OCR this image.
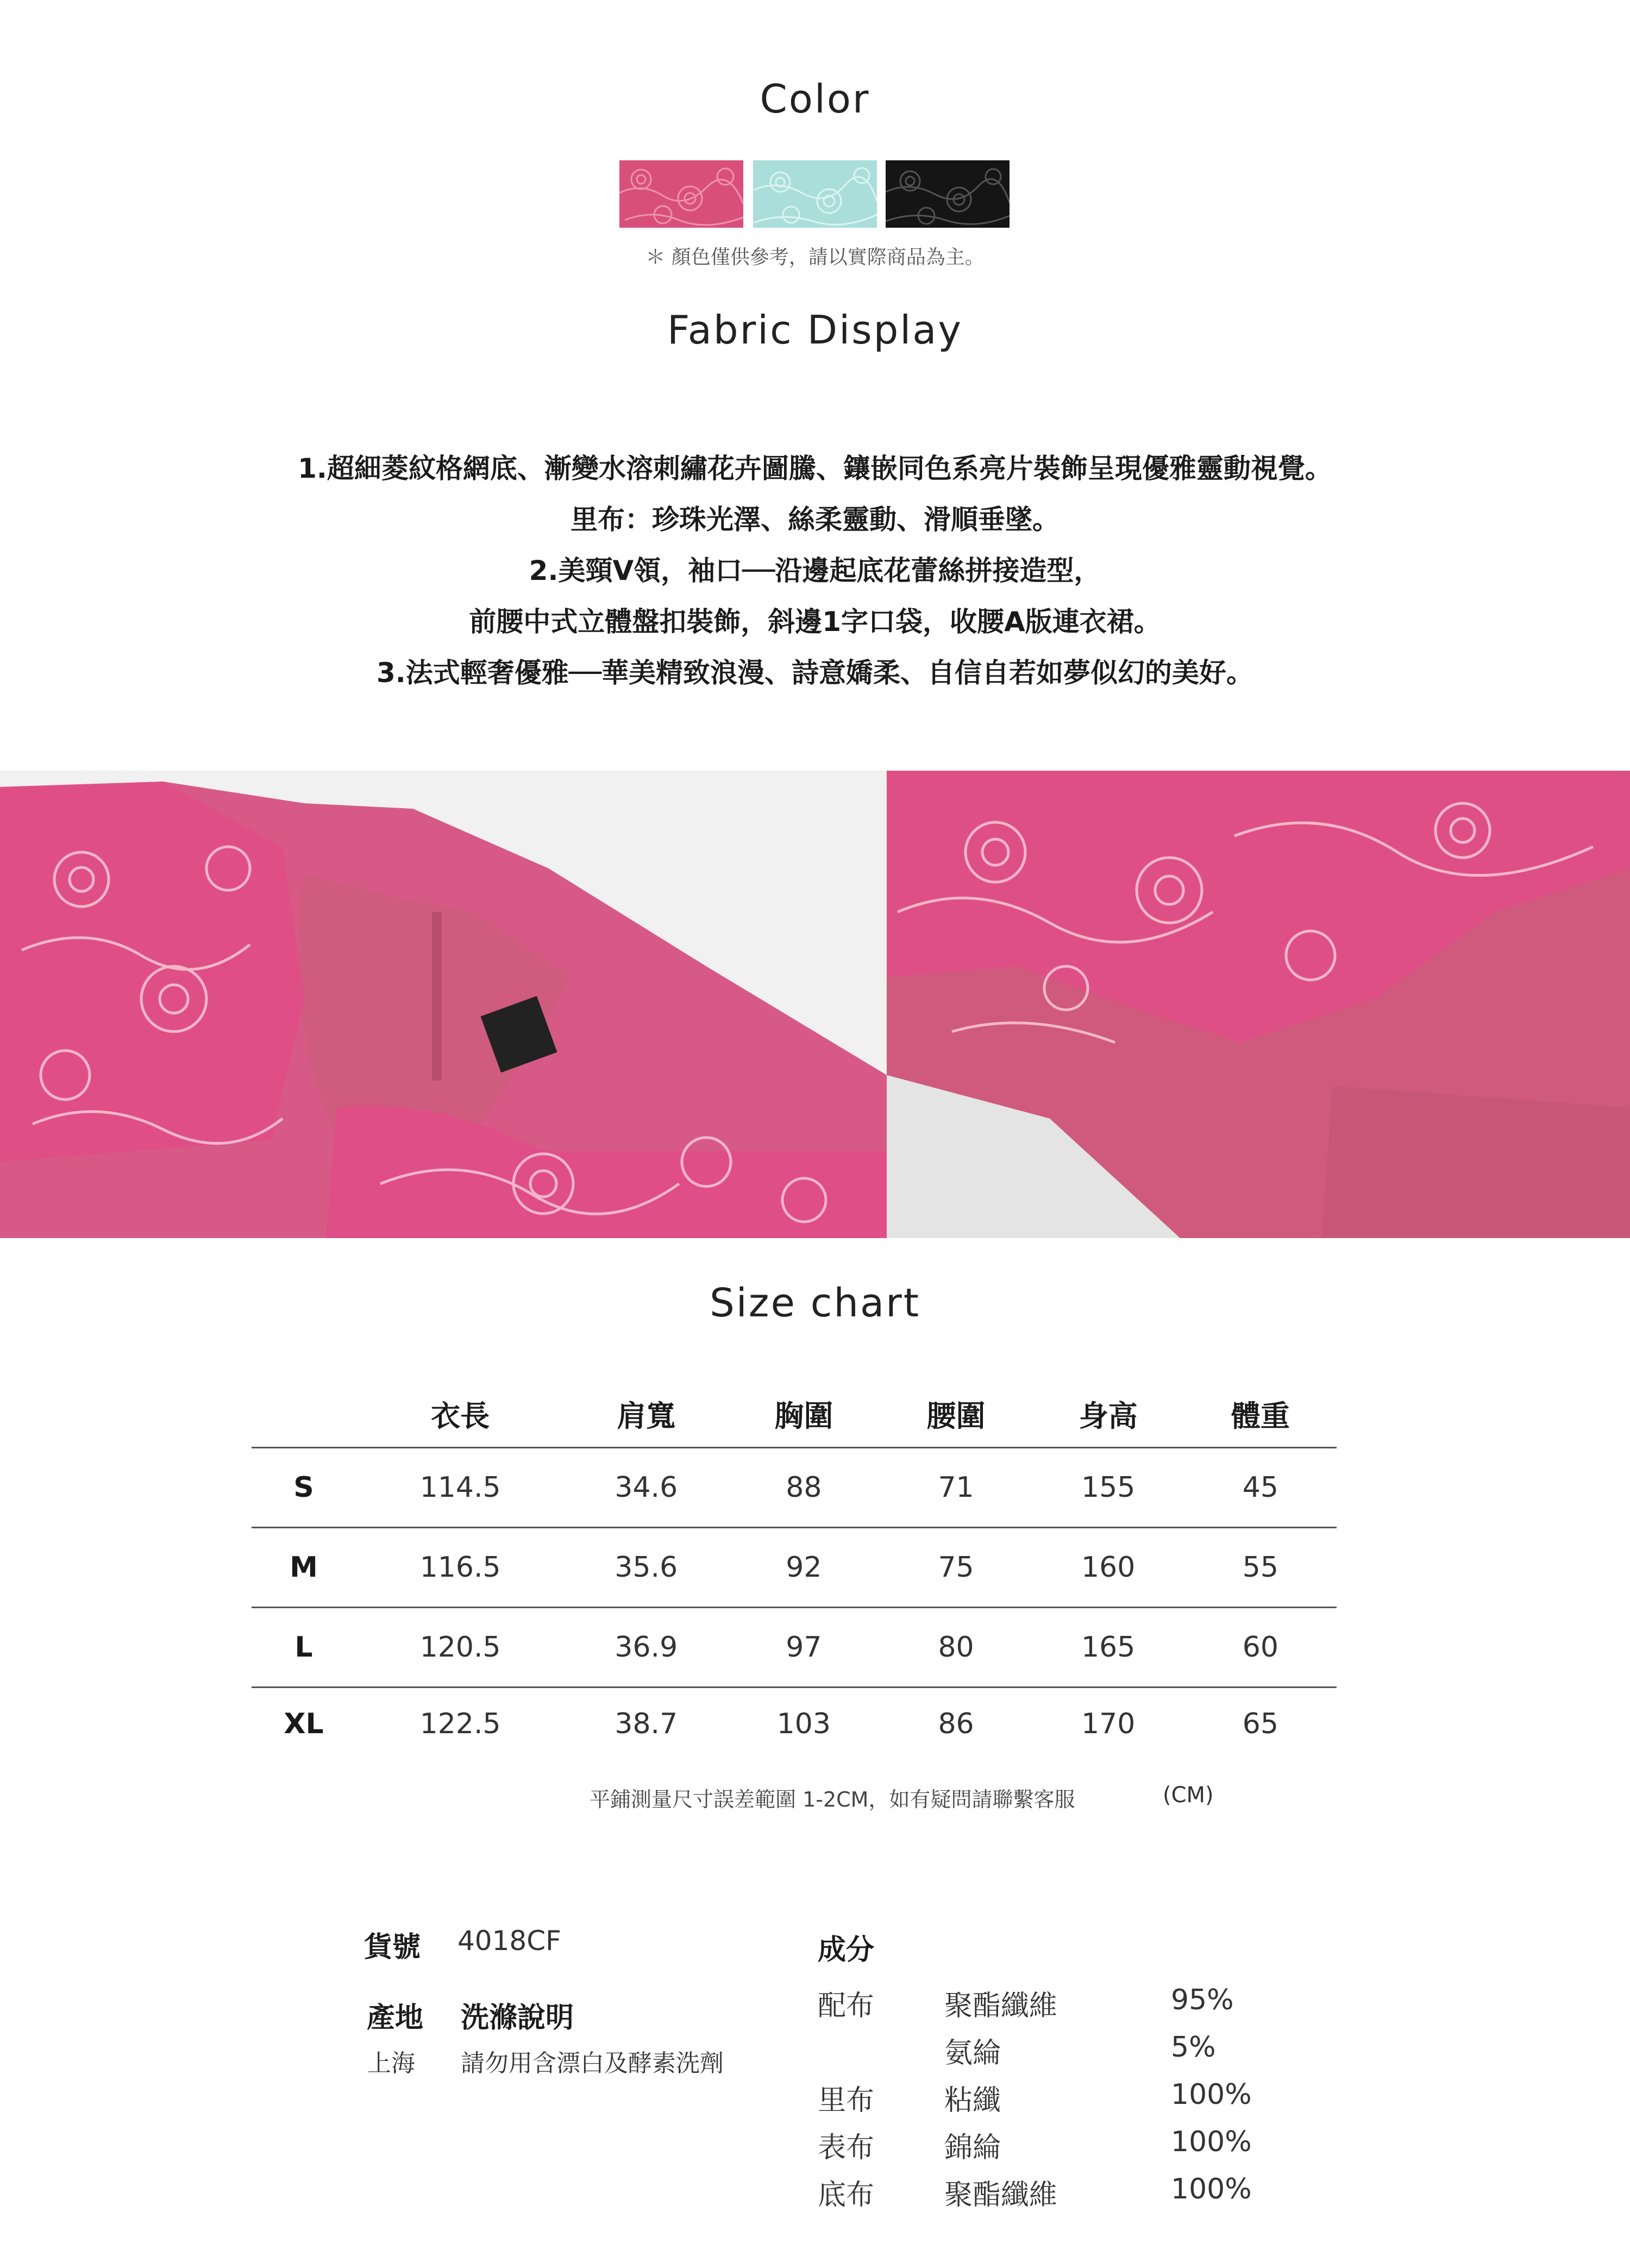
Color
＊ 顏色僅供參考，請以實際商品為主。
Fabric Display
1.超細菱紋格網底、漸變水溶刺繡花卉圖騰、鑲嵌同色系亮片裝飾呈現優雅靈動視覺。
里布：珍珠光澤、絲柔靈動、滑順垂墜。
2.美頸V領，袖口──沿邊起底花蕾絲拼接造型，
前腰中式立體盤扣裝飾，斜邊1字口袋，收腰A版連衣裙。
3.法式輕奢優雅──華美精致浪漫、詩意嬌柔、自信自若如夢似幻的美好。
Size chart
	衣長	肩寬	胸圍	腰圍	身高	體重
S	114.5	34.6	88	71	155	45
M	116.5	35.6	92	75	160	55
L	120.5	36.9	97	80	165	60
XL	122.5	38.7	103	86	170	65
平鋪測量尺寸誤差範圍 1-2CM，如有疑問請聯繫客服	(CM)
貨號 4018CF
產地 洗滌說明
上海 請勿用含漂白及酵素洗劑
成分
配布 聚酯纖維	95%
氨綸	5%
里布 粘纖	100%
表布 錦綸	100%
底布 聚酯纖維	100%
